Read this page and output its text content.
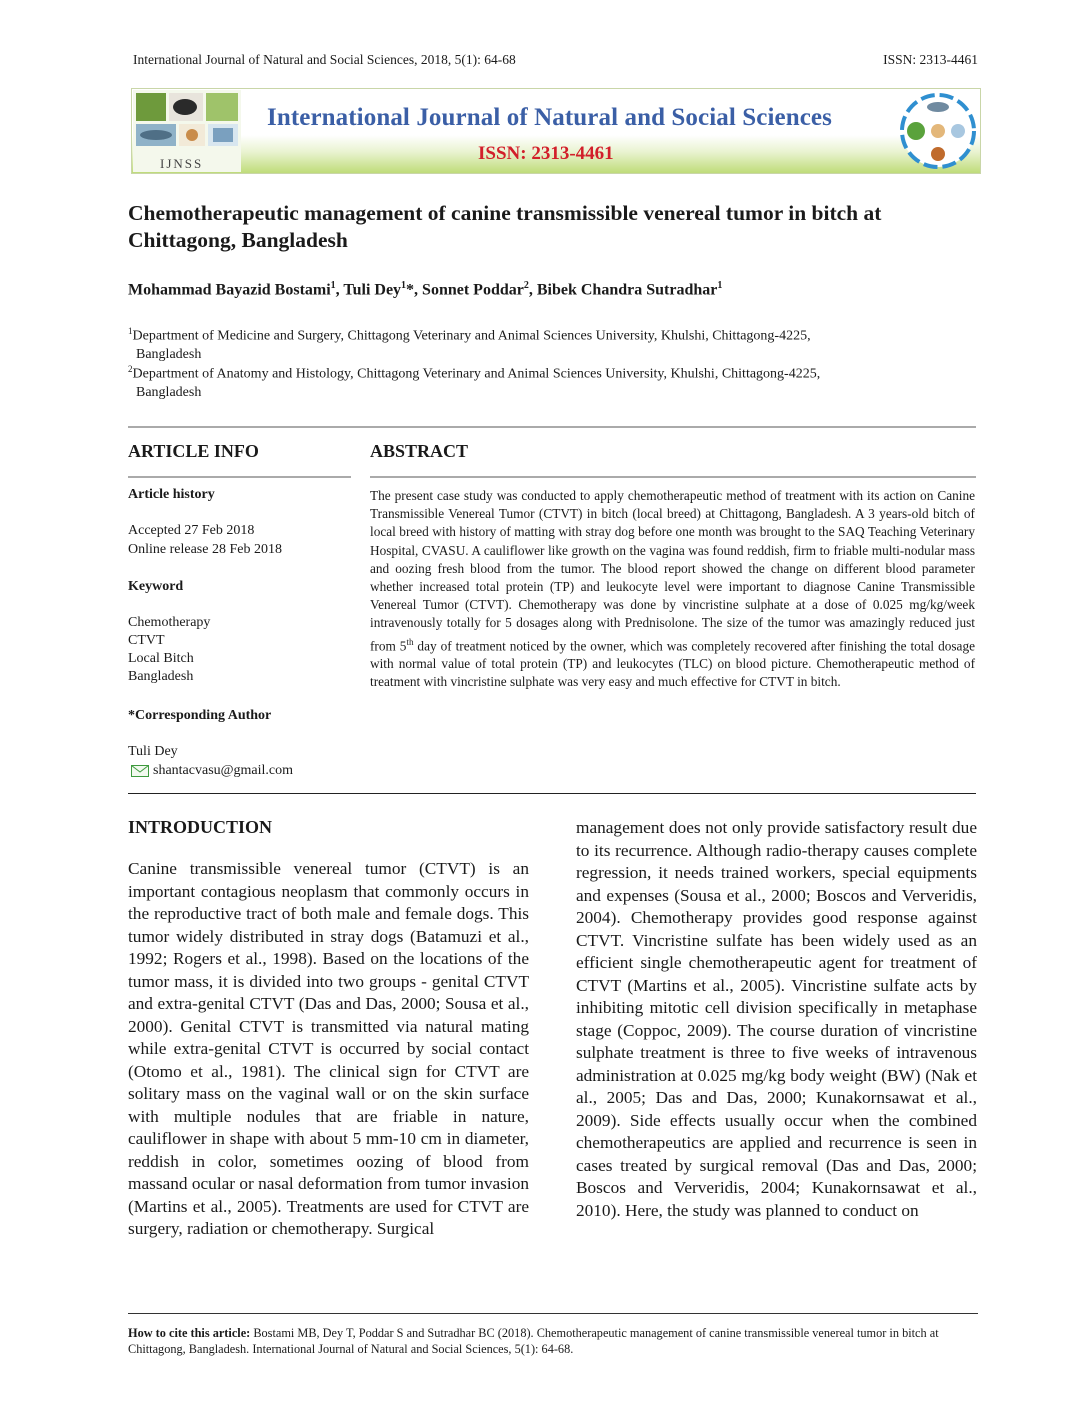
International Journal of Natural and Social Sciences, 2018, 5(1): 64-68	ISSN: 2313-4461
IJNSS
International Journal of Natural and Social Sciences
ISSN: 2313-4461
Chemotherapeutic management of canine transmissible venereal tumor in bitch at Chittagong, Bangladesh
Mohammad Bayazid Bostami$^1$, Tuli Dey$^1$*, Sonnet Poddar$^2$, Bibek Chandra Sutradhar$^1$
$^1$Department of Medicine and Surgery, Chittagong Veterinary and Animal Sciences University, Khulshi, Chittagong-4225,
Bangladesh
$^2$Department of Anatomy and Histology, Chittagong Veterinary and Animal Sciences University, Khulshi, Chittagong-4225,
Bangladesh
ARTICLE INFO	ABSTRACT
Article history
Accepted 27 Feb 2018
Online release 28 Feb 2018
Keyword
Chemotherapy
CTVT
Local Bitch
Bangladesh
*Corresponding Author
Tuli Dey
shantacvasu@gmail.com
The present case study was conducted to apply chemotherapeutic method of treatment with its action on Canine Transmissible Venereal Tumor (CTVT) in bitch (local breed) at Chittagong, Bangladesh. A 3 years-old bitch of local breed with history of matting with stray dog before one month was brought to the SAQ Teaching Veterinary Hospital, CVASU. A cauliflower like growth on the vagina was found reddish, firm to friable multi-nodular mass and oozing fresh blood from the tumor. The blood report showed the change on different blood parameter whether increased total protein (TP) and leukocyte level were important to diagnose Canine Transmissible Venereal Tumor (CTVT). Chemotherapy was done by vincristine sulphate at a dose of 0.025 mg/kg/week intravenously totally for 5 dosages along with Prednisolone. The size of the tumor was amazingly reduced just from 5th day of treatment noticed by the owner, which was completely recovered after finishing the total dosage with normal value of total protein (TP) and leukocytes (TLC) on blood picture. Chemotherapeutic method of treatment with vincristine sulphate was very easy and much effective for CTVT in bitch.
INTRODUCTION

Canine transmissible venereal tumor (CTVT) is an important contagious neoplasm that commonly occurs in the reproductive tract of both male and female dogs. This tumor widely distributed in stray dogs (Batamuzi et al., 1992; Rogers et al., 1998). Based on the locations of the tumor mass, it is divided into two groups - genital CTVT and extra-genital CTVT (Das and Das, 2000; Sousa et al., 2000). Genital CTVT is transmitted via natural mating while extra-genital CTVT is occurred by social contact (Otomo et al., 1981). The clinical sign for CTVT are solitary mass on the vaginal wall or on the skin surface with multiple nodules that are friable in nature, cauliflower in shape with about 5 mm-10 cm in diameter, reddish in color, sometimes oozing of blood from massand ocular or nasal deformation from tumor invasion (Martins et al., 2005). Treatments are used for CTVT are surgery, radiation or chemotherapy. Surgical

management does not only provide satisfactory result due to its recurrence. Although radio-therapy causes complete regression, it needs trained workers, special equipments and expenses (Sousa et al., 2000; Boscos and Ververidis, 2004). Chemotherapy provides good response against CTVT. Vincristine sulfate has been widely used as an efficient single chemotherapeutic agent for treatment of CTVT (Martins et al., 2005). Vincristine sulfate acts by inhibiting mitotic cell division specifically in metaphase stage (Coppoc, 2009). The course duration of vincristine sulphate treatment is three to five weeks of intravenous administration at 0.025 mg/kg body weight (BW) (Nak et al., 2005; Das and Das, 2000; Kunakornsawat et al., 2009). Side effects usually occur when the combined chemotherapeutics are applied and recurrence is seen in cases treated by surgical removal (Das and Das, 2000; Boscos and Ververidis, 2004; Kunakornsawat et al., 2010). Here, the study was planned to conduct on

How to cite this article: Bostami MB, Dey T, Poddar S and Sutradhar BC (2018). Chemotherapeutic management of canine transmissible venereal tumor in bitch at Chittagong, Bangladesh. International Journal of Natural and Social Sciences, 5(1): 64-68.
